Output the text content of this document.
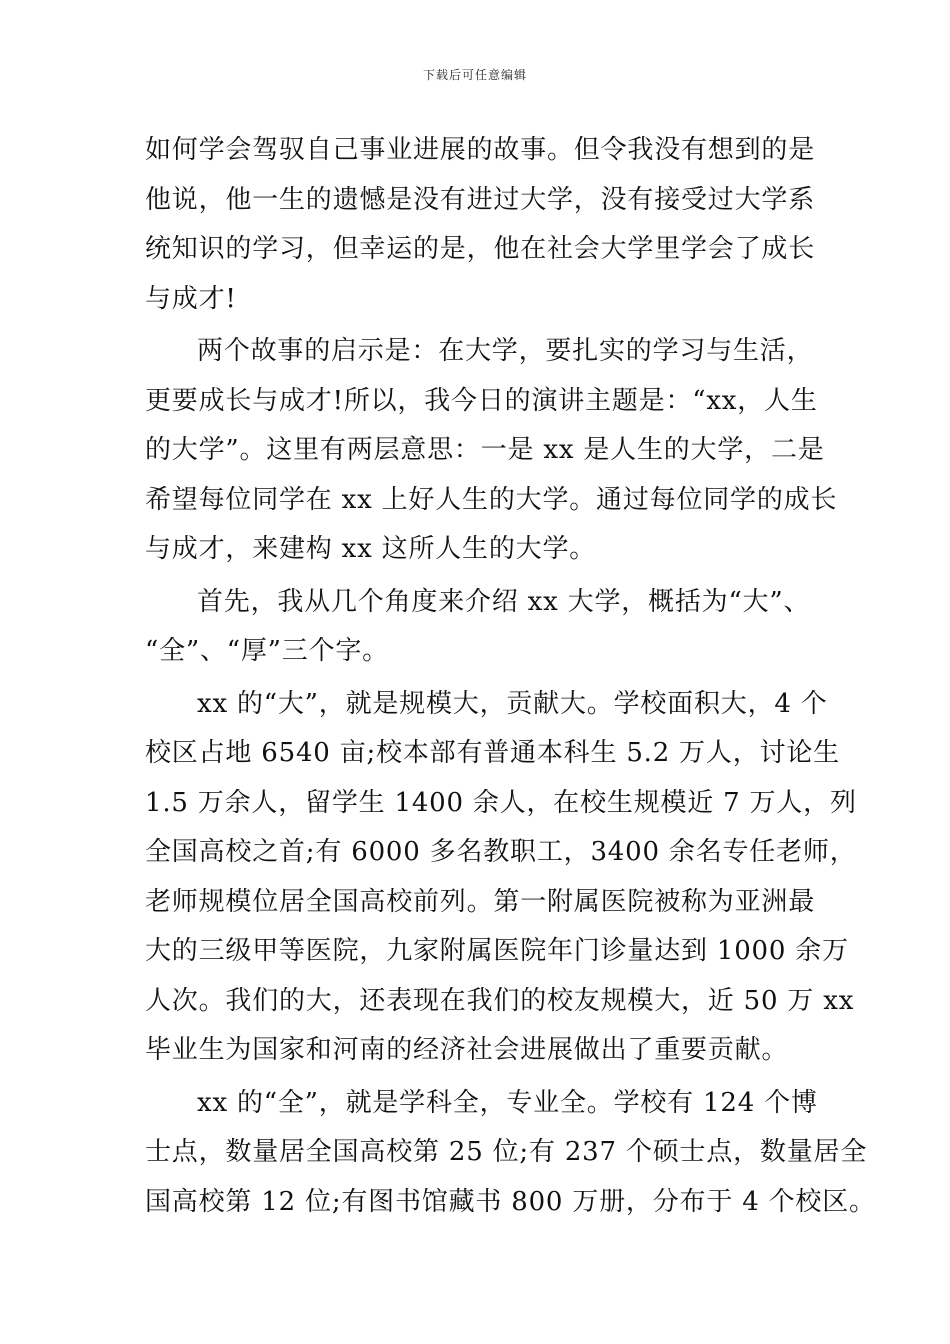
下载后可任意编辑
如何学会驾驭自己事业进展的故事。但令我没有想到的是
他说，他一生的遗憾是没有进过大学，没有接受过大学系
统知识的学习，但幸运的是，他在社会大学里学会了成长
与成才!
两个故事的启示是：在大学，要扎实的学习与生活，
更要成长与成才!所以，我今日的演讲主题是：“xx，人生
的大学”。这里有两层意思：一是 xx 是人生的大学，二是
希望每位同学在 xx 上好人生的大学。通过每位同学的成长
与成才，来建构 xx 这所人生的大学。
首先，我从几个角度来介绍 xx 大学，概括为“大”、
“全”、“厚”三个字。
xx 的“大”，就是规模大，贡献大。学校面积大，4 个
校区占地 6540 亩;校本部有普通本科生 5.2 万人，讨论生
1.5 万余人，留学生 1400 余人，在校生规模近 7 万人，列
全国高校之首;有 6000 多名教职工，3400 余名专任老师，
老师规模位居全国高校前列。第一附属医院被称为亚洲最
大的三级甲等医院，九家附属医院年门诊量达到 1000 余万
人次。我们的大，还表现在我们的校友规模大，近 50 万 xx
毕业生为国家和河南的经济社会进展做出了重要贡献。
xx 的“全”，就是学科全，专业全。学校有 124 个博
士点，数量居全国高校第 25 位;有 237 个硕士点，数量居全
国高校第 12 位;有图书馆藏书 800 万册，分布于 4 个校区。
